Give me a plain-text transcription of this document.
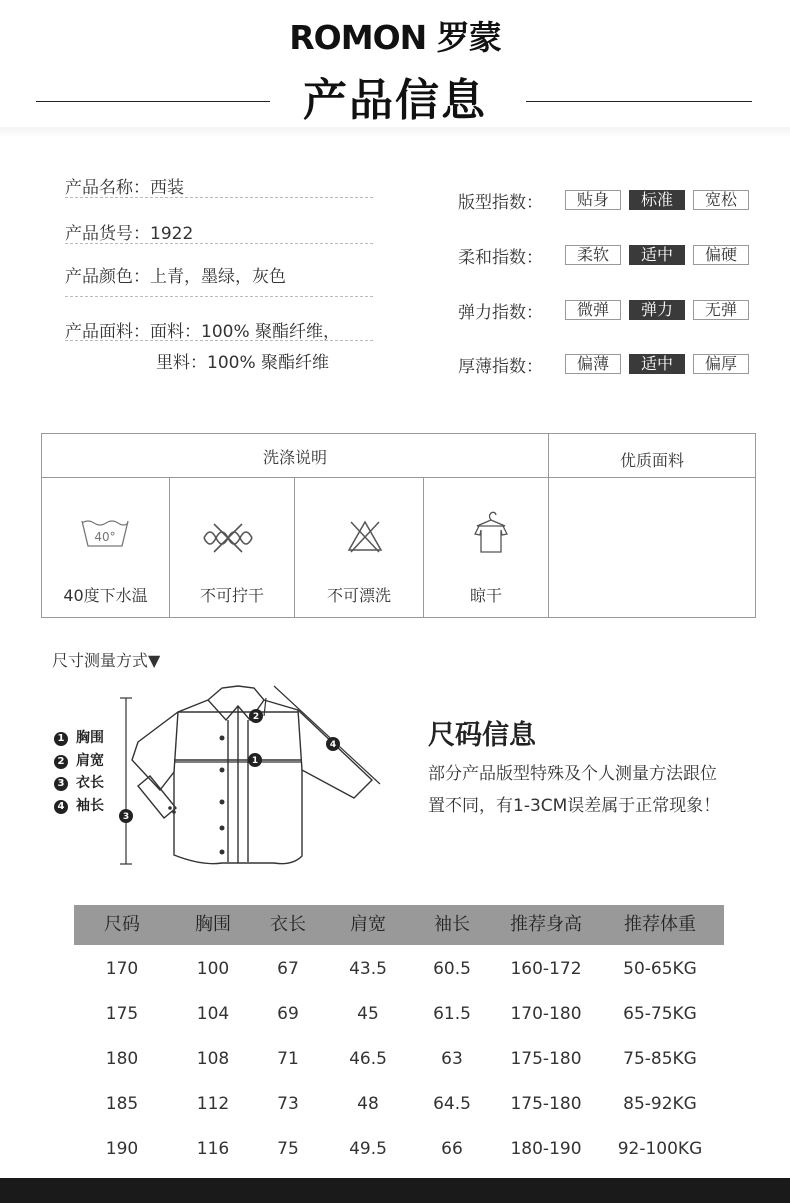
ROMON 罗蒙
产品信息
产品名称：西装
产品货号：1922
产品颜色：上青，墨绿，灰色
产品面料：面料：100% 聚酯纤维，
里料：100% 聚酯纤维
版型指数：	贴身	标准	宽松
柔和指数：	柔软	适中	偏硬
弹力指数：	微弹	弹力	无弹
厚薄指数：	偏薄	适中	偏厚
洗涤说明	优质面料
40°
40度下水温	不可拧干	不可漂洗	晾干
尺寸测量方式▼
1 胸围
2 肩宽
3 衣长
4 袖长
3
1
2
4	尺码信息
部分产品版型特殊及个人测量方法跟位
置不同，有1-3CM误差属于正常现象！
尺码	胸围	衣长	肩宽	袖长	推荐身高	推荐体重
170	100	67	43.5	60.5	160-172	50-65KG
175	104	69	45	61.5	170-180	65-75KG
180	108	71	46.5	63	175-180	75-85KG
185	112	73	48	64.5	175-180	85-92KG
190	116	75	49.5	66	180-190	92-100KG
